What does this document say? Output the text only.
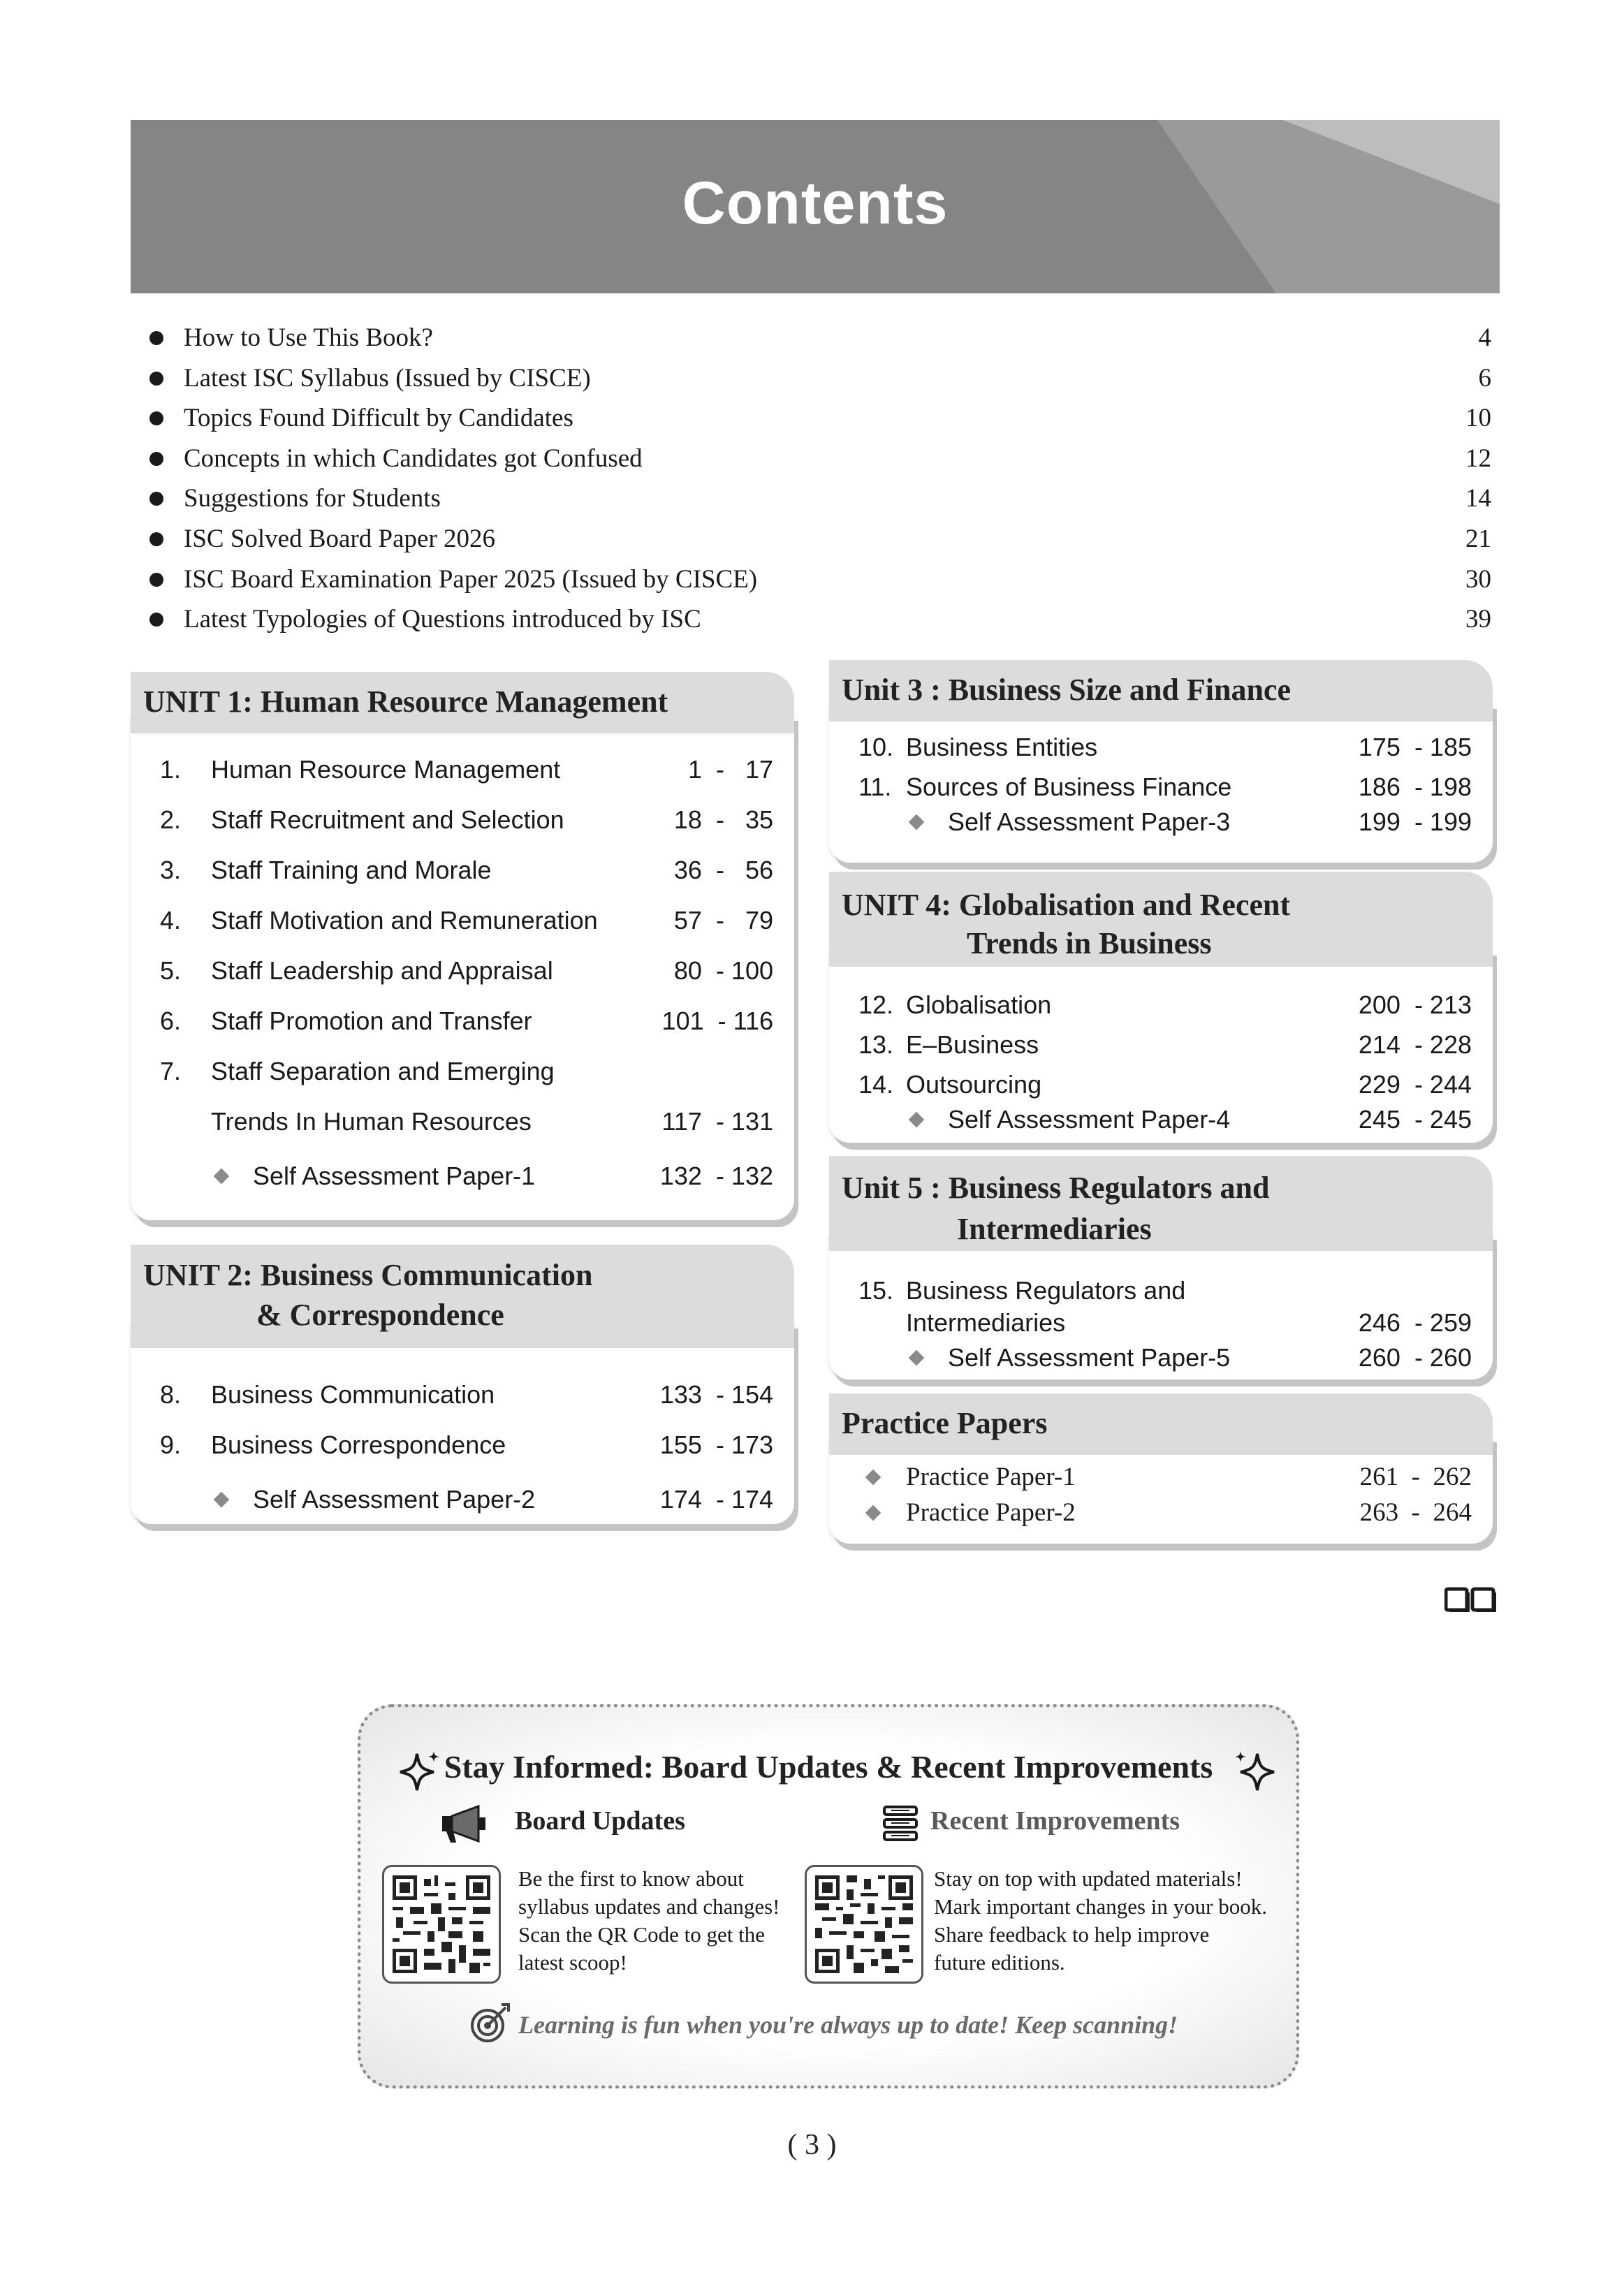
Contents
How to Use This Book?	4
Latest ISC Syllabus (Issued by CISCE)	6
Topics Found Difficult by Candidates	10
Concepts in which Candidates got Confused	12
Suggestions for Students	14
ISC Solved Board Paper 2026	21
ISC Board Examination Paper 2025 (Issued by CISCE)	30
Latest Typologies of Questions introduced by ISC	39
1. Human Resource Management	1  -   17
2. Staff Recruitment and Selection	18  -   35
3. Staff Training and Morale	36  -   56
4. Staff Motivation and Remuneration	57  -   79
5. Staff Leadership and Appraisal	80  - 100
6. Staff Promotion and Transfer	101  - 116
7. Staff Separation and Emerging
Trends In Human Resources	117  - 131
Self Assessment Paper-1	132  - 132
UNIT 1: Human Resource Management
8. Business Communication	133  - 154
9. Business Correspondence	155  - 173
Self Assessment Paper-2	174  - 174
UNIT 2: Business Communication
& Correspondence
10. Business Entities	175  - 185
11. Sources of Business Finance	186  - 198
Self Assessment Paper-3	199  - 199
Unit 3 : Business Size and Finance
12. Globalisation	200  - 213
13. E–Business	214  - 228
14. Outsourcing	229  - 244
Self Assessment Paper-4	245  - 245
UNIT 4: Globalisation and Recent
Trends in Business
15. Business Regulators and
Intermediaries	246  - 259
Self Assessment Paper-5	260  - 260
Unit 5 : Business Regulators and
Intermediaries
Practice Paper-1	261  -  262
Practice Paper-2	263  -  264
Practice Papers
Stay Informed: Board Updates & Recent Improvements
Board Updates
Be the first to know about
syllabus updates and changes!
Scan the QR Code to get the
latest scoop!
Recent Improvements
Stay on top with updated materials!
Mark important changes in your book.
Share feedback to help improve
future editions.
Learning is fun when you're always up to date! Keep scanning!
( 3 )
